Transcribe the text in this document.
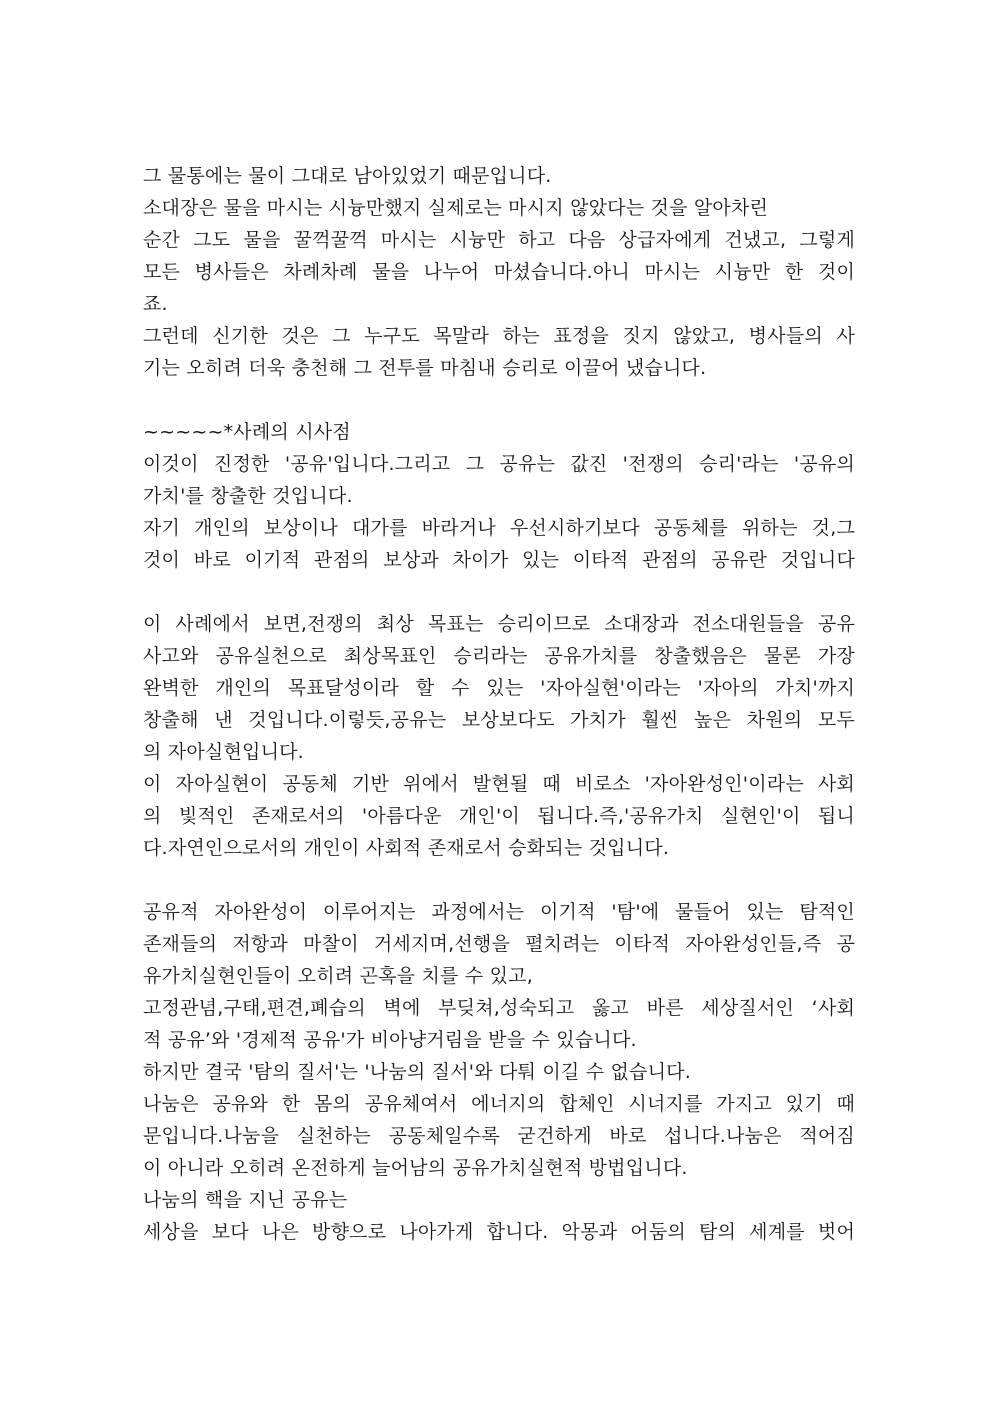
그 물통에는 물이 그대로 남아있었기 때문입니다.
소대장은 물을 마시는 시늉만했지 실제로는 마시지 않았다는 것을 알아차린
순간 그도 물을 꿀꺽꿀꺽 마시는 시늉만 하고 다음 상급자에게 건냈고, 그렇게
모든 병사들은 차례차례 물을 나누어 마셨습니다.아니 마시는 시늉만 한 것이
죠.
그런데 신기한 것은 그 누구도 목말라 하는 표정을 짓지 않았고, 병사들의 사
기는 오히려 더욱 충천해 그 전투를 마침내 승리로 이끌어 냈습니다.
~~~~~*사례의 시사점
이것이 진정한 '공유'입니다.그리고 그 공유는 값진 '전쟁의 승리'라는 '공유의
가치'를 창출한 것입니다.
자기 개인의 보상이나 대가를 바라거나 우선시하기보다 공동체를 위하는 것,그
것이 바로 이기적 관점의 보상과 차이가 있는 이타적 관점의 공유란 것입니다
이 사례에서 보면,전쟁의 최상 목표는 승리이므로 소대장과 전소대원들을 공유
사고와 공유실천으로 최상목표인 승리라는 공유가치를 창출했음은 물론 가장
완벽한 개인의 목표달성이라 할 수 있는 '자아실현'이라는 '자아의 가치'까지
창출해 낸 것입니다.이렇듯,공유는 보상보다도 가치가 훨씬 높은 차원의 모두
의 자아실현입니다.
이 자아실현이 공동체 기반 위에서 발현될 때 비로소 '자아완성인'이라는 사회
의 빛적인 존재로서의 '아름다운 개인'이 됩니다.즉,'공유가치 실현인'이 됩니
다.자연인으로서의 개인이 사회적 존재로서 승화되는 것입니다.
공유적 자아완성이 이루어지는 과정에서는 이기적 '탐'에 물들어 있는 탐적인
존재들의 저항과 마찰이 거세지며,선행을 펼치려는 이타적 자아완성인들,즉 공
유가치실현인들이 오히려 곤혹을 치를 수 있고,
고정관념,구태,편견,폐습의 벽에 부딪쳐,성숙되고 옳고 바른 세상질서인 ‘사회
적 공유’와 '경제적 공유'가 비아냥거림을 받을 수 있습니다.
하지만 결국 '탐의 질서'는 '나눔의 질서'와 다퉈 이길 수 없습니다.
나눔은 공유와 한 몸의 공유체여서 에너지의 합체인 시너지를 가지고 있기 때
문입니다.나눔을 실천하는 공동체일수록 굳건하게 바로 섭니다.나눔은 적어짐
이 아니라 오히려 온전하게 늘어남의 공유가치실현적 방법입니다.
나눔의 핵을 지닌 공유는
세상을 보다 나은 방향으로 나아가게 합니다. 악몽과 어둠의 탐의 세계를 벗어
